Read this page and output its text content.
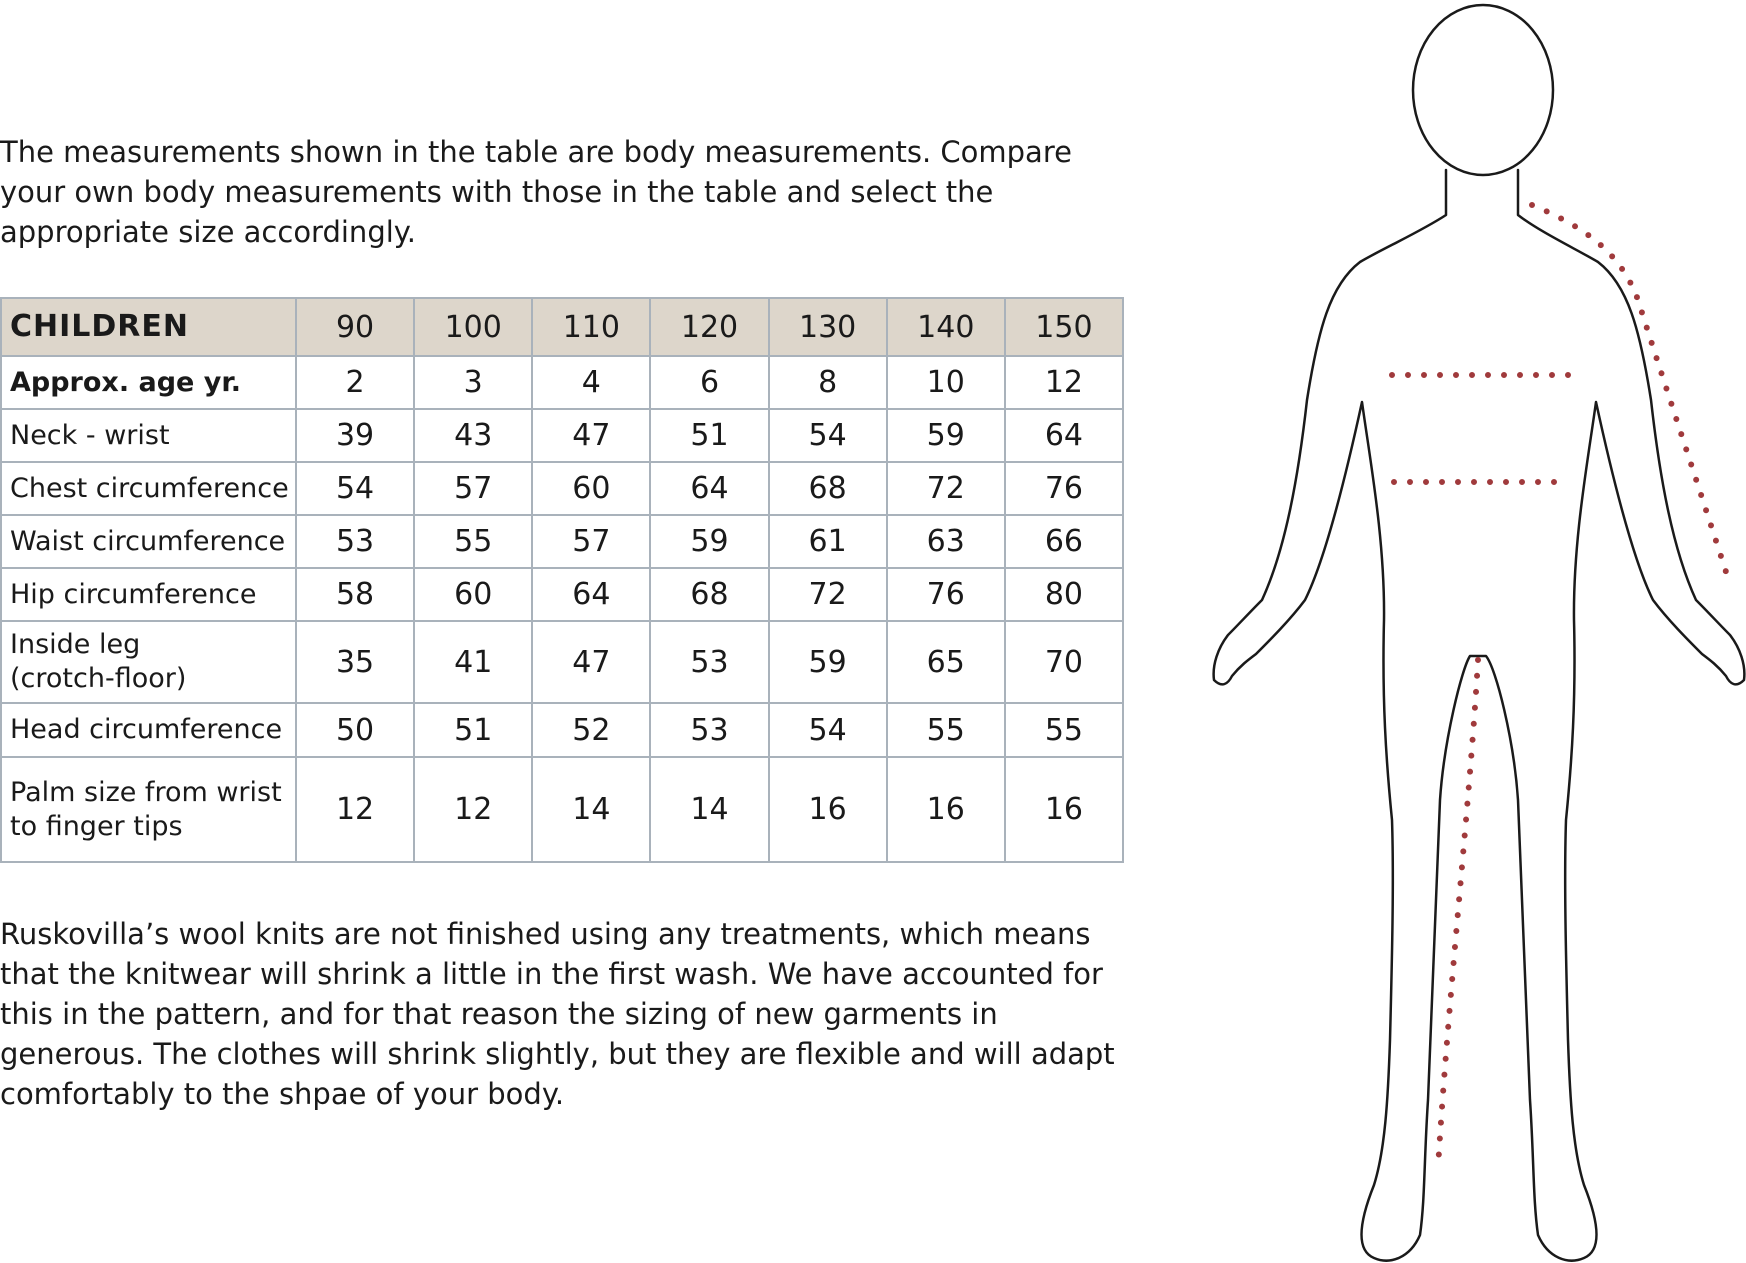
The measurements shown in the table are body measurements. Compare your own body measurements with those in the table and select the appropriate size accordingly.

CHILDREN	90	100	110	120	130	140	150
Approx. age yr.	2	3	4	6	8	10	12
Neck - wrist	39	43	47	51	54	59	64
Chest circumference	54	57	60	64	68	72	76
Waist circumference	53	55	57	59	61	63	66
Hip circumference	58	60	64	68	72	76	80
Inside leg (crotch-floor)	35	41	47	53	59	65	70
Head circumference	50	51	52	53	54	55	55
Palm size from wrist to finger tips	12	12	14	14	16	16	16

Ruskovilla’s wool knits are not finished using any treatments, which means that the knitwear will shrink a little in the first wash. We have accounted for this in the pattern, and for that reason the sizing of new garments in generous. The clothes will shrink slightly, but they are flexible and will adapt comfortably to the shpae of your body.
